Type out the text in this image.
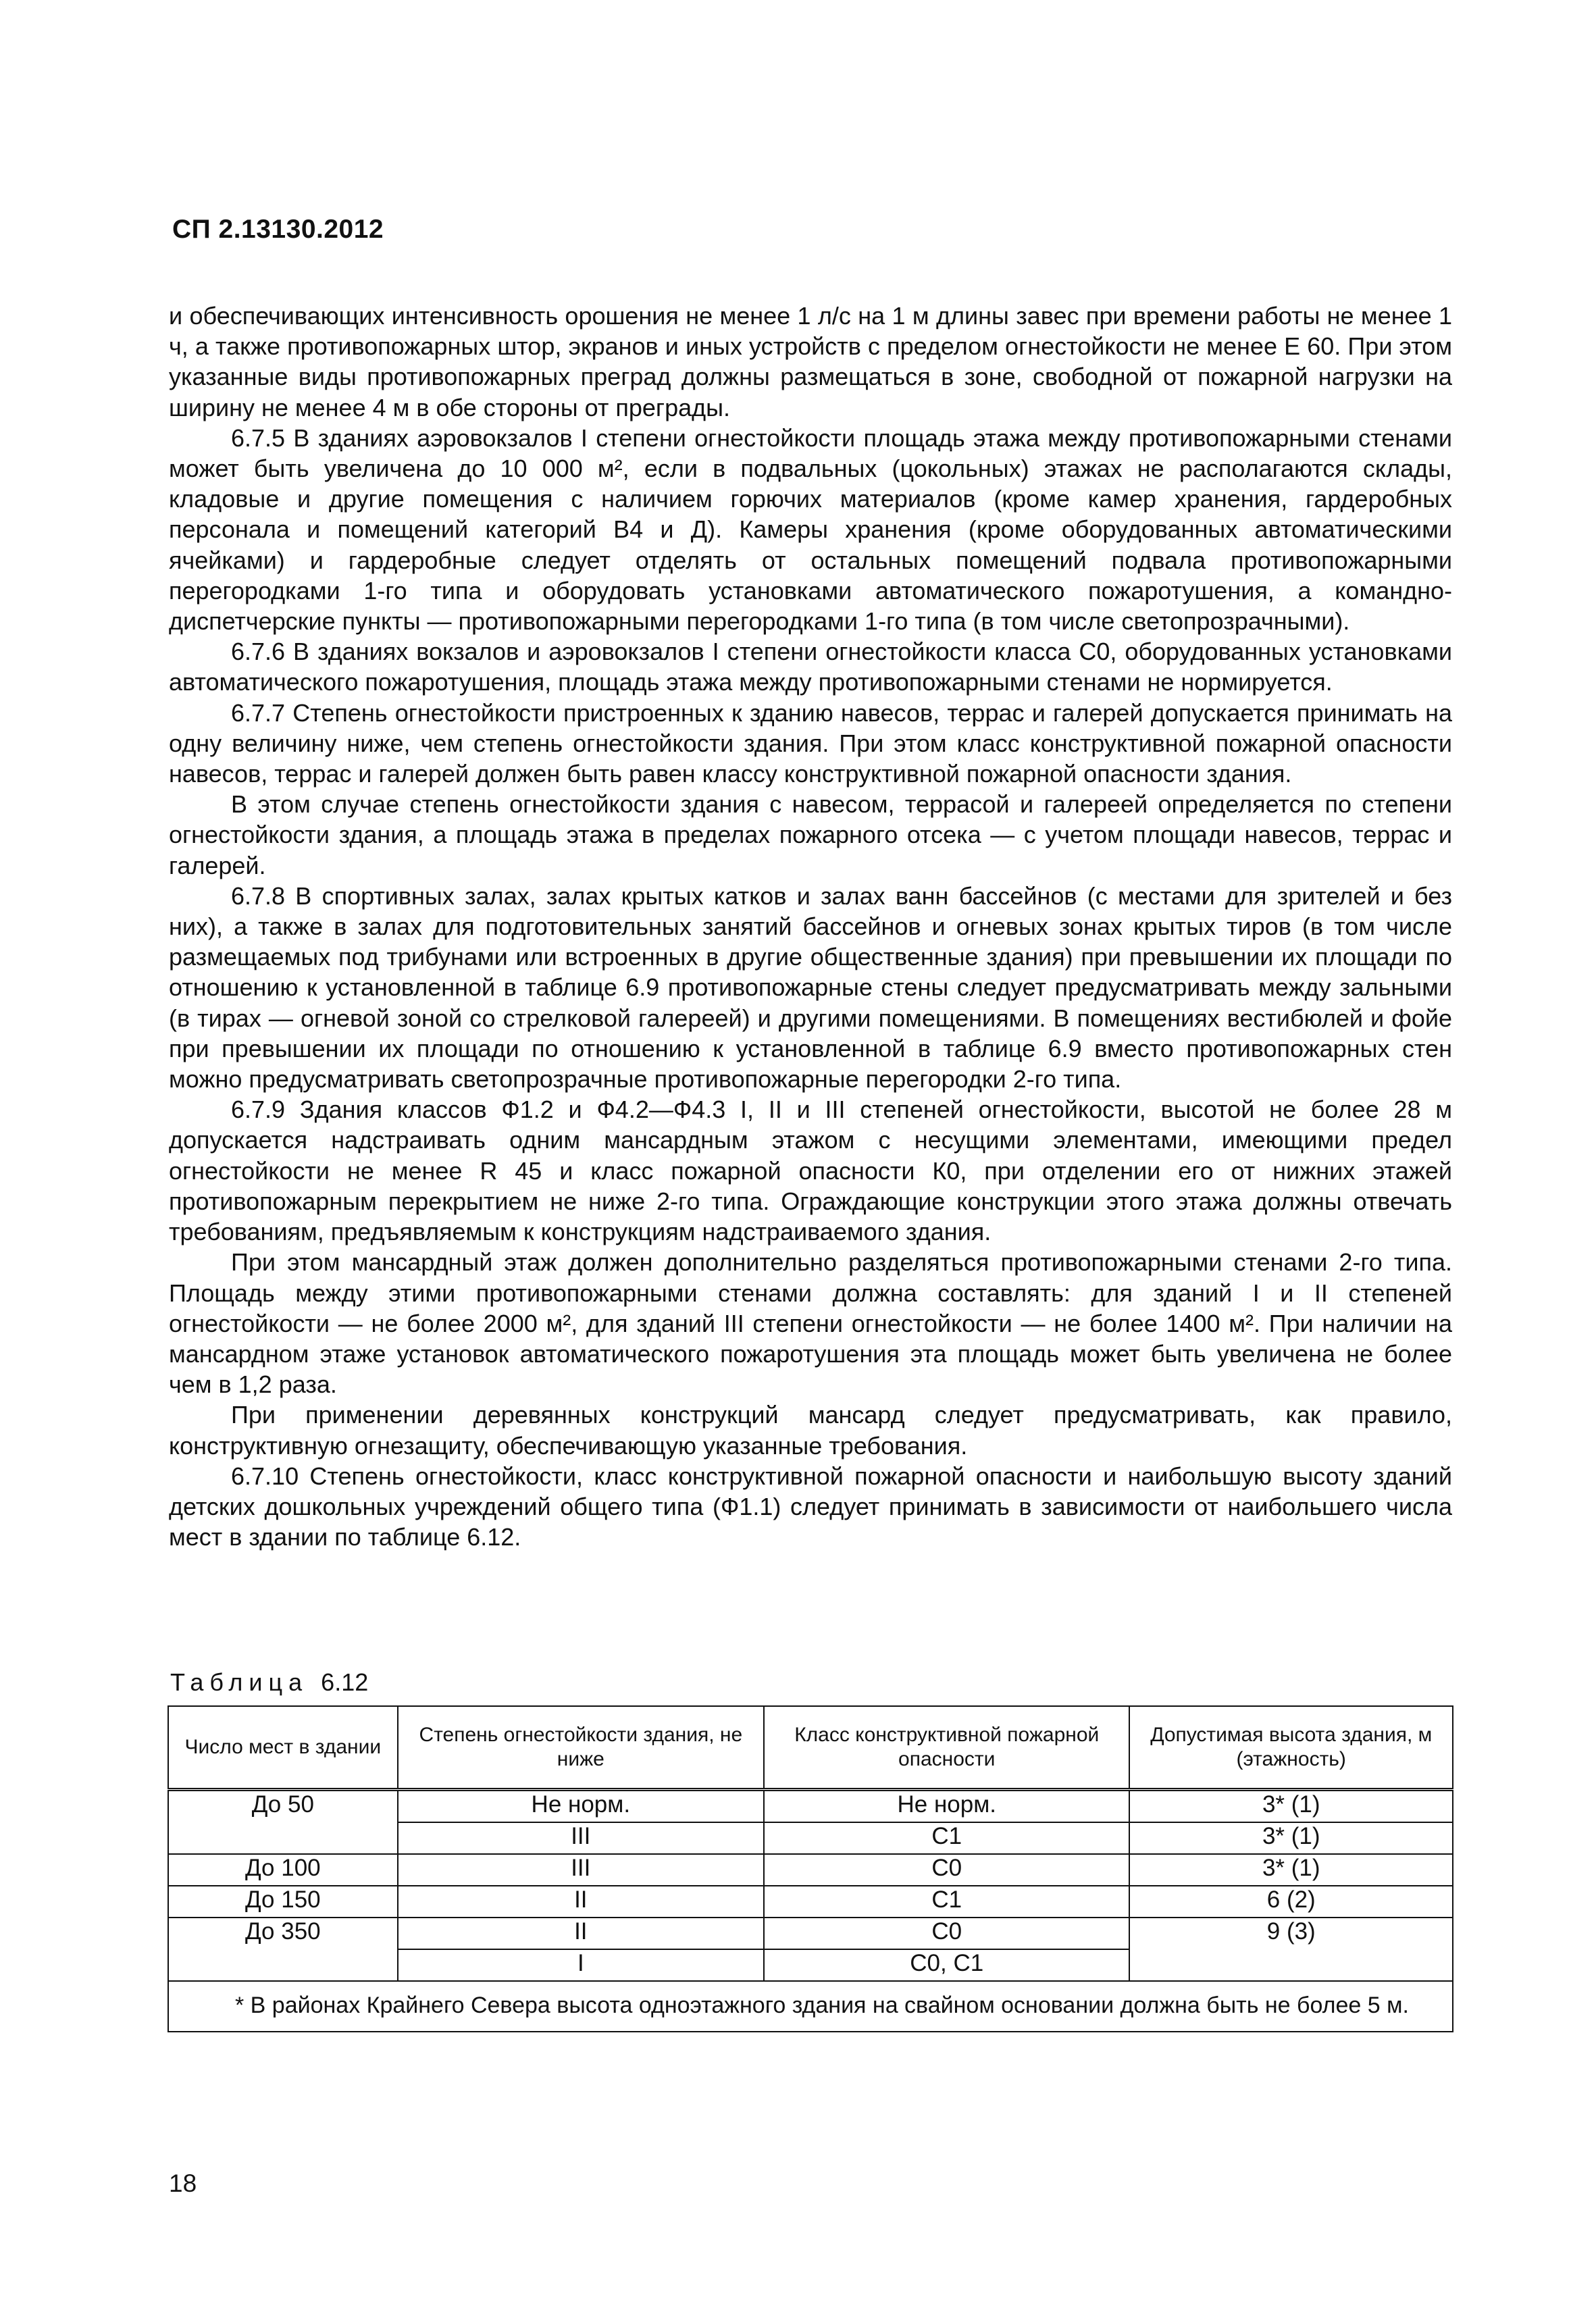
СП 2.13130.2012

и обеспечивающих интенсивность орошения не менее 1 л/с на 1 м длины завес при времени работы не менее 1 ч, а также противопожарных штор, экранов и иных устройств с пределом огнестойкости не менее Е 60. При этом указанные виды противопожарных преград должны размещаться в зоне, свободной от пожарной нагрузки на ширину не менее 4 м в обе стороны от преграды.

6.7.5 В зданиях аэровокзалов I степени огнестойкости площадь этажа между противопожарными стенами может быть увеличена до 10 000 м², если в подвальных (цокольных) этажах не располагаются склады, кладовые и другие помещения с наличием горючих материалов (кроме камер хранения, гардеробных персонала и помещений категорий В4 и Д). Камеры хранения (кроме оборудованных автоматическими ячейками) и гардеробные следует отделять от остальных помещений подвала противопожарными перегородками 1-го типа и оборудовать установками автоматического пожаротушения, а командно-диспетчерские пункты — противопожарными перегородками 1-го типа (в том числе светопрозрачными).

6.7.6 В зданиях вокзалов и аэровокзалов I степени огнестойкости класса С0, оборудованных установками автоматического пожаротушения, площадь этажа между противопожарными стенами не нормируется.

6.7.7 Степень огнестойкости пристроенных к зданию навесов, террас и галерей допускается принимать на одну величину ниже, чем степень огнестойкости здания. При этом класс конструктивной пожарной опасности навесов, террас и галерей должен быть равен классу конструктивной пожарной опасности здания.

В этом случае степень огнестойкости здания с навесом, террасой и галереей определяется по степени огнестойкости здания, а площадь этажа в пределах пожарного отсека — с учетом площади навесов, террас и галерей.

6.7.8 В спортивных залах, залах крытых катков и залах ванн бассейнов (с местами для зрителей и без них), а также в залах для подготовительных занятий бассейнов и огневых зонах крытых тиров (в том числе размещаемых под трибунами или встроенных в другие общественные здания) при превышении их площади по отношению к установленной в таблице 6.9 противопожарные стены следует предусматривать между зальными (в тирах — огневой зоной со стрелковой галереей) и другими помещениями. В помещениях вестибюлей и фойе при превышении их площади по отношению к установленной в таблице 6.9 вместо противопожарных стен можно предусматривать светопрозрачные противопожарные перегородки 2-го типа.

6.7.9 Здания классов Ф1.2 и Ф4.2—Ф4.3 I, II и III степеней огнестойкости, высотой не более 28 м допускается надстраивать одним мансардным этажом с несущими элементами, имеющими предел огнестойкости не менее R 45 и класс пожарной опасности К0, при отделении его от нижних этажей противопожарным перекрытием не ниже 2-го типа. Ограждающие конструкции этого этажа должны отвечать требованиям, предъявляемым к конструкциям надстраиваемого здания.

При этом мансардный этаж должен дополнительно разделяться противопожарными стенами 2-го типа. Площадь между этими противопожарными стенами должна составлять: для зданий I и II степеней огнестойкости — не более 2000 м², для зданий III степени огнестойкости — не более 1400 м². При наличии на мансардном этаже установок автоматического пожаротушения эта площадь может быть увеличена не более чем в 1,2 раза.

При применении деревянных конструкций мансард следует предусматривать, как правило, конструктивную огнезащиту, обеспечивающую указанные требования.

6.7.10 Степень огнестойкости, класс конструктивной пожарной опасности и наибольшую высоту зданий детских дошкольных учреждений общего типа (Ф1.1) следует принимать в зависимости от наибольшего числа мест в здании по таблице 6.12.

Таблица 6.12
Число мест в здании	Степень огнестойкости здания, не ниже	Класс конструктивной пожарной опасности	Допустимая высота здания, м (этажность)
До 50	Не норм.	Не норм.	3* (1)
	III	С1	3* (1)
До 100	III	С0	3* (1)
До 150	II	С1	6 (2)
До 350	II	С0	9 (3)
	I	С0, С1	
* В районах Крайнего Севера высота одноэтажного здания на свайном основании должна быть не более 5 м.			
18
